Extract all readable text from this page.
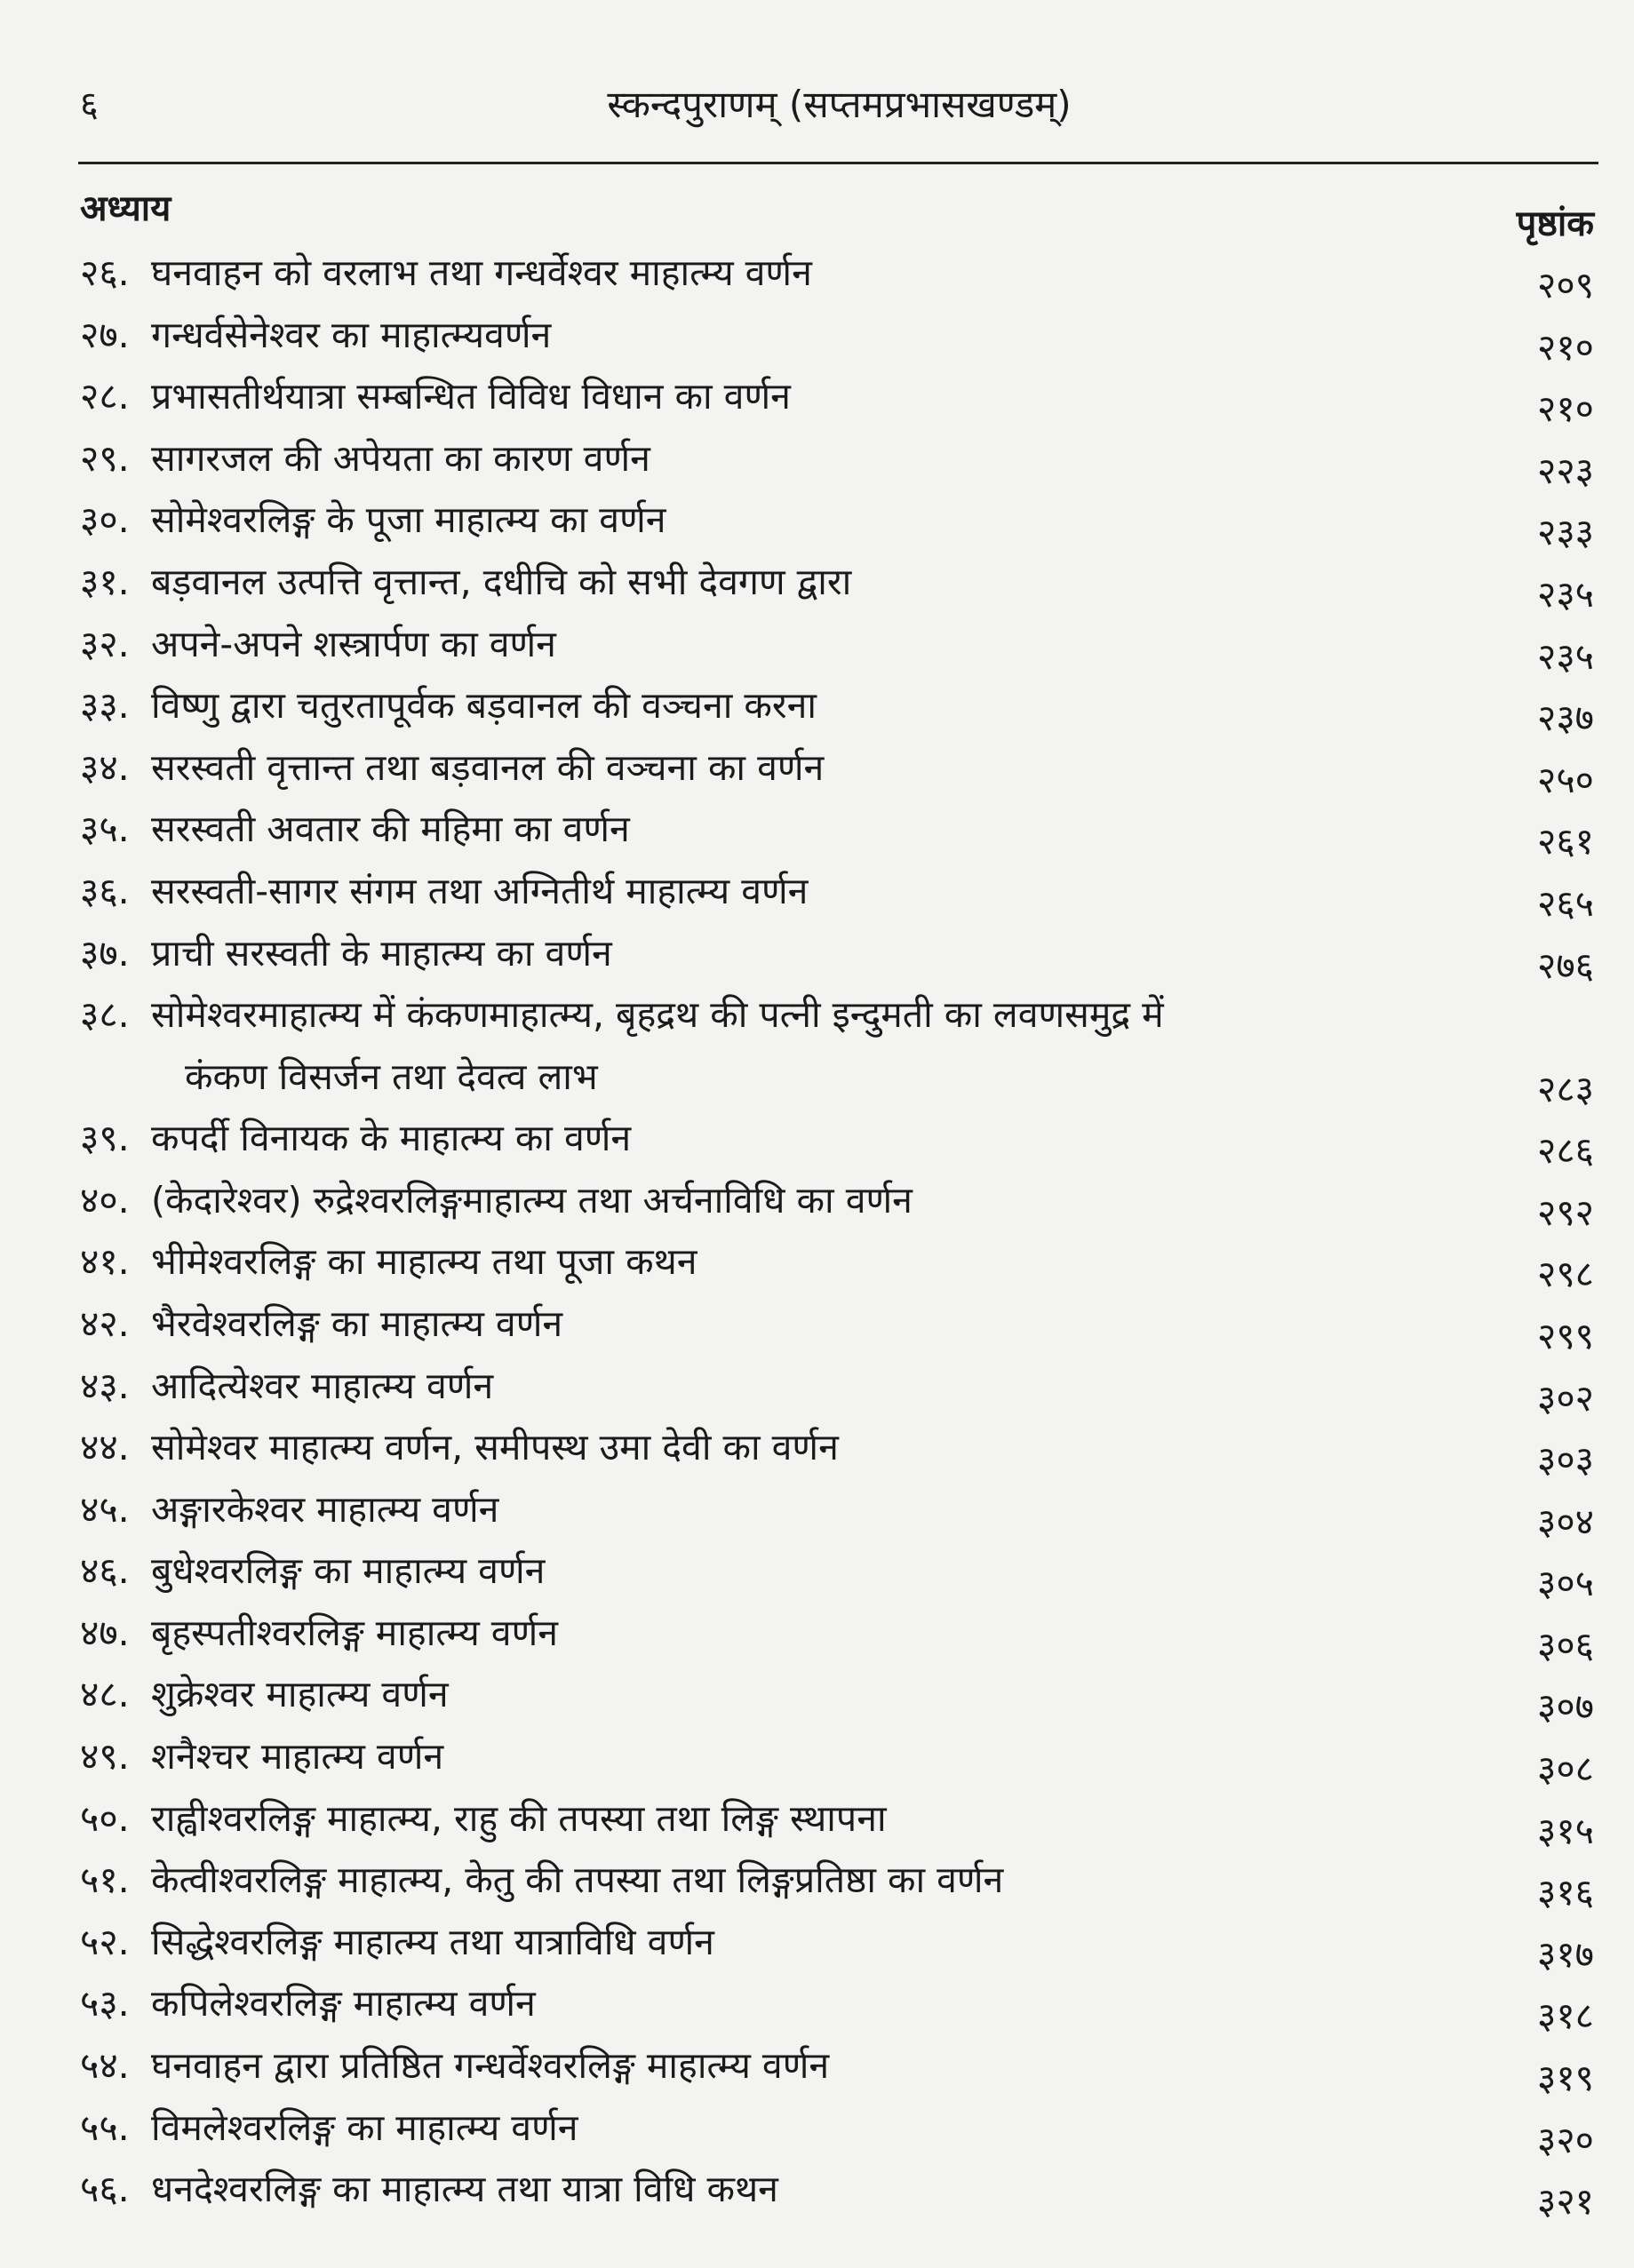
६	स्कन्दपुराणम् (सप्तमप्रभासखण्डम्)
अध्याय	पृष्ठांक
२६. घनवाहन को वरलाभ तथा गन्धर्वेश्वर माहात्म्य वर्णन	२०९
२७. गन्धर्वसेनेश्वर का माहात्म्यवर्णन	२१०
२८. प्रभासतीर्थयात्रा सम्बन्धित विविध विधान का वर्णन	२१०
२९. सागरजल की अपेयता का कारण वर्णन	२२३
३०. सोमेश्वरलिङ्ग के पूजा माहात्म्य का वर्णन	२३३
३१. बड़वानल उत्पत्ति वृत्तान्त, दधीचि को सभी देवगण द्वारा	२३५
३२. अपने-अपने शस्त्रार्पण का वर्णन	२३५
३३. विष्णु द्वारा चतुरतापूर्वक बड़वानल की वञ्चना करना	२३७
३४. सरस्वती वृत्तान्त तथा बड़वानल की वञ्चना का वर्णन	२५०
३५. सरस्वती अवतार की महिमा का वर्णन	२६१
३६. सरस्वती-सागर संगम तथा अग्नितीर्थ माहात्म्य वर्णन	२६५
३७. प्राची सरस्वती के माहात्म्य का वर्णन	२७६
३८. सोमेश्वरमाहात्म्य में कंकणमाहात्म्य, बृहद्रथ की पत्नी इन्दुमती का लवणसमुद्र में
कंकण विसर्जन तथा देवत्व लाभ	२८३
३९. कपर्दी विनायक के माहात्म्य का वर्णन	२८६
४०. (केदारेश्वर) रुद्रेश्वरलिङ्गमाहात्म्य तथा अर्चनाविधि का वर्णन	२९२
४१. भीमेश्वरलिङ्ग का माहात्म्य तथा पूजा कथन	२९८
४२. भैरवेश्वरलिङ्ग का माहात्म्य वर्णन	२९९
४३. आदित्येश्वर माहात्म्य वर्णन	३०२
४४. सोमेश्वर माहात्म्य वर्णन, समीपस्थ उमा देवी का वर्णन	३०३
४५. अङ्गारकेश्वर माहात्म्य वर्णन	३०४
४६. बुधेश्वरलिङ्ग का माहात्म्य वर्णन	३०५
४७. बृहस्पतीश्वरलिङ्ग माहात्म्य वर्णन	३०६
४८. शुक्रेश्वर माहात्म्य वर्णन	३०७
४९. शनैश्चर माहात्म्य वर्णन	३०८
५०. राह्वीश्वरलिङ्ग माहात्म्य, राहु की तपस्या तथा लिङ्ग स्थापना	३१५
५१. केत्वीश्वरलिङ्ग माहात्म्य, केतु की तपस्या तथा लिङ्गप्रतिष्ठा का वर्णन	३१६
५२. सिद्धेश्वरलिङ्ग माहात्म्य तथा यात्राविधि वर्णन	३१७
५३. कपिलेश्वरलिङ्ग माहात्म्य वर्णन	३१८
५४. घनवाहन द्वारा प्रतिष्ठित गन्धर्वेश्वरलिङ्ग माहात्म्य वर्णन	३१९
५५. विमलेश्वरलिङ्ग का माहात्म्य वर्णन	३२०
५६. धनदेश्वरलिङ्ग का माहात्म्य तथा यात्रा विधि कथन	३२१
